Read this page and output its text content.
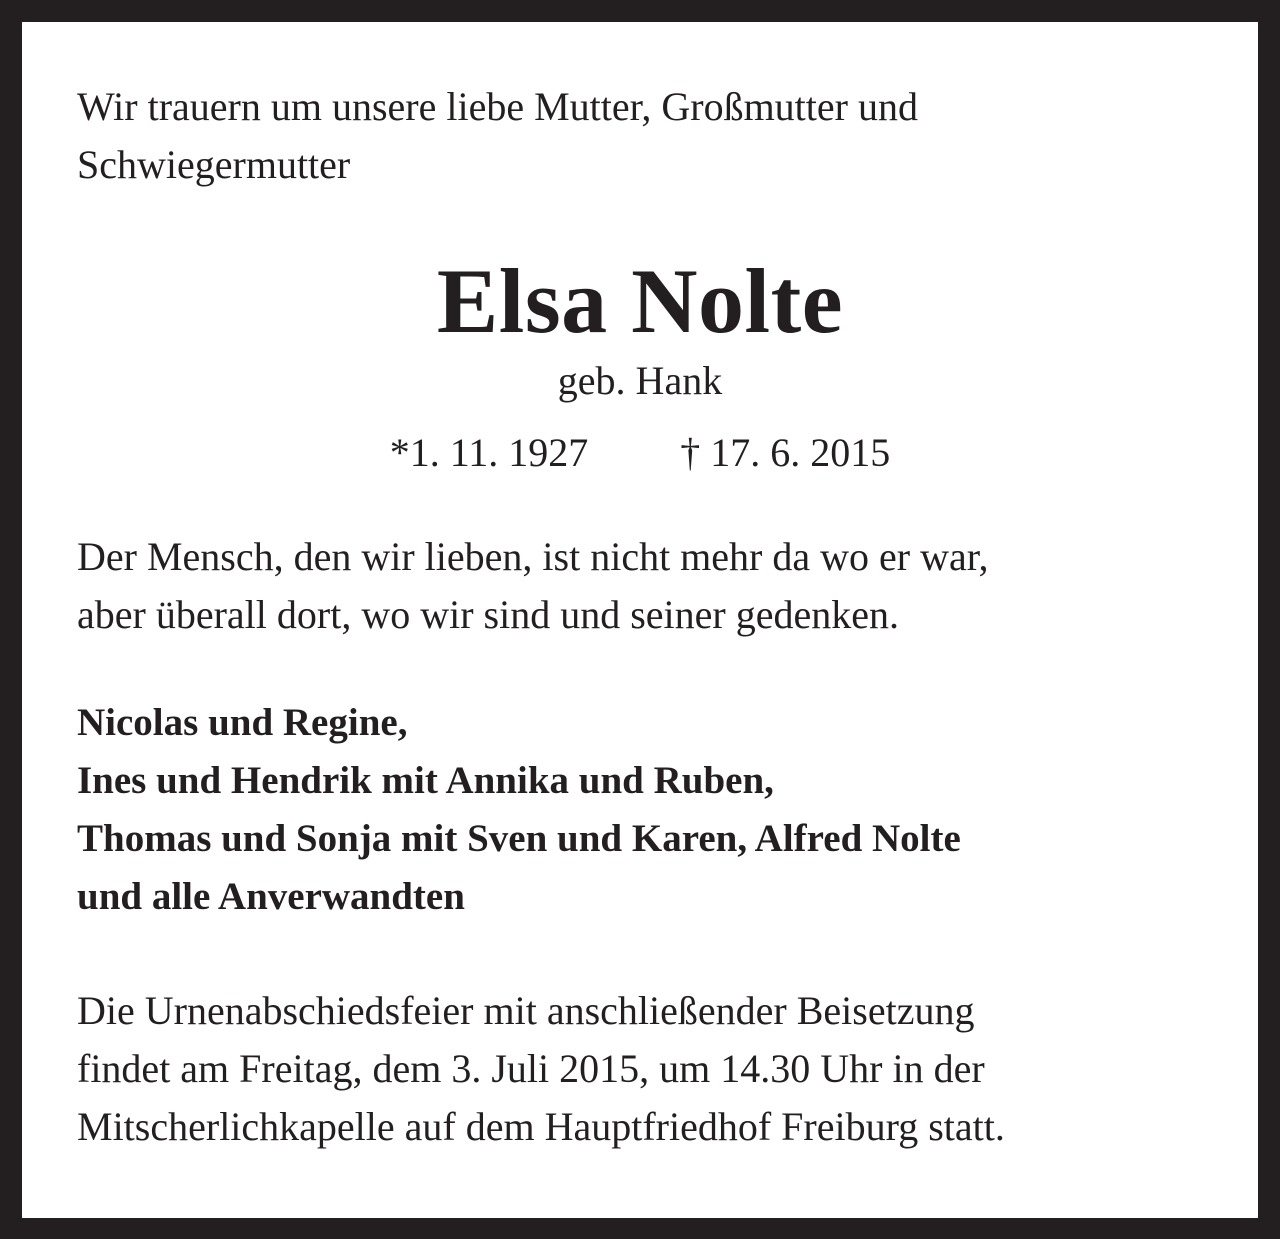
Wir trauern um unsere liebe Mutter, Großmutter und
Schwiegermutter

Elsa Nolte

geb. Hank

*1. 11. 1927 † 17. 6. 2015

Der Mensch, den wir lieben, ist nicht mehr da wo er war,
aber überall dort, wo wir sind und seiner gedenken.

Nicolas und Regine,
Ines und Hendrik mit Annika und Ruben,
Thomas und Sonja mit Sven und Karen, Alfred Nolte
und alle Anverwandten

Die Urnenabschiedsfeier mit anschließender Beisetzung
findet am Freitag, dem 3. Juli 2015, um 14.30 Uhr in der
Mitscherlichkapelle auf dem Hauptfriedhof Freiburg statt.
